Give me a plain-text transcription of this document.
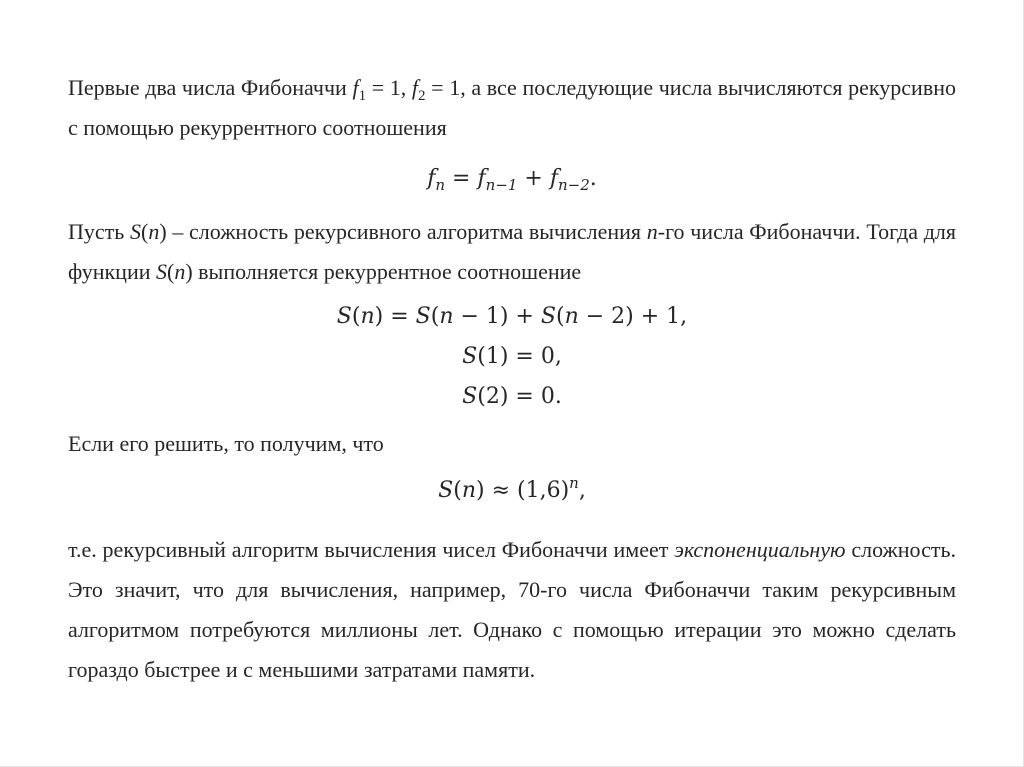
Первые два числа Фибоначчи $f_1 = 1$, $f_2 = 1$, а все последующие числа вычисляются рекурсивно с помощью рекуррентного соотношения

$f_n = f_{n-1} + f_{n-2}$.

Пусть S(n) – сложность рекурсивного алгоритма вычисления n-го числа Фибоначчи. Тогда для функции S(n) выполняется рекуррентное соотношение

S(n) = S(n − 1) + S(n − 2) + 1,
S(1) = 0,
S(2) = 0.

Если его решить, то получим, что

$S(n) \approx (1,6)^n$,

т.е. рекурсивный алгоритм вычисления чисел Фибоначчи имеет экспоненциальную сложность. Это значит, что для вычисления, например, 70-го числа Фибоначчи таким рекурсивным алгоритмом потребуются миллионы лет. Однако с помощью итерации это можно сделать гораздо быстрее и с меньшими затратами памяти.
